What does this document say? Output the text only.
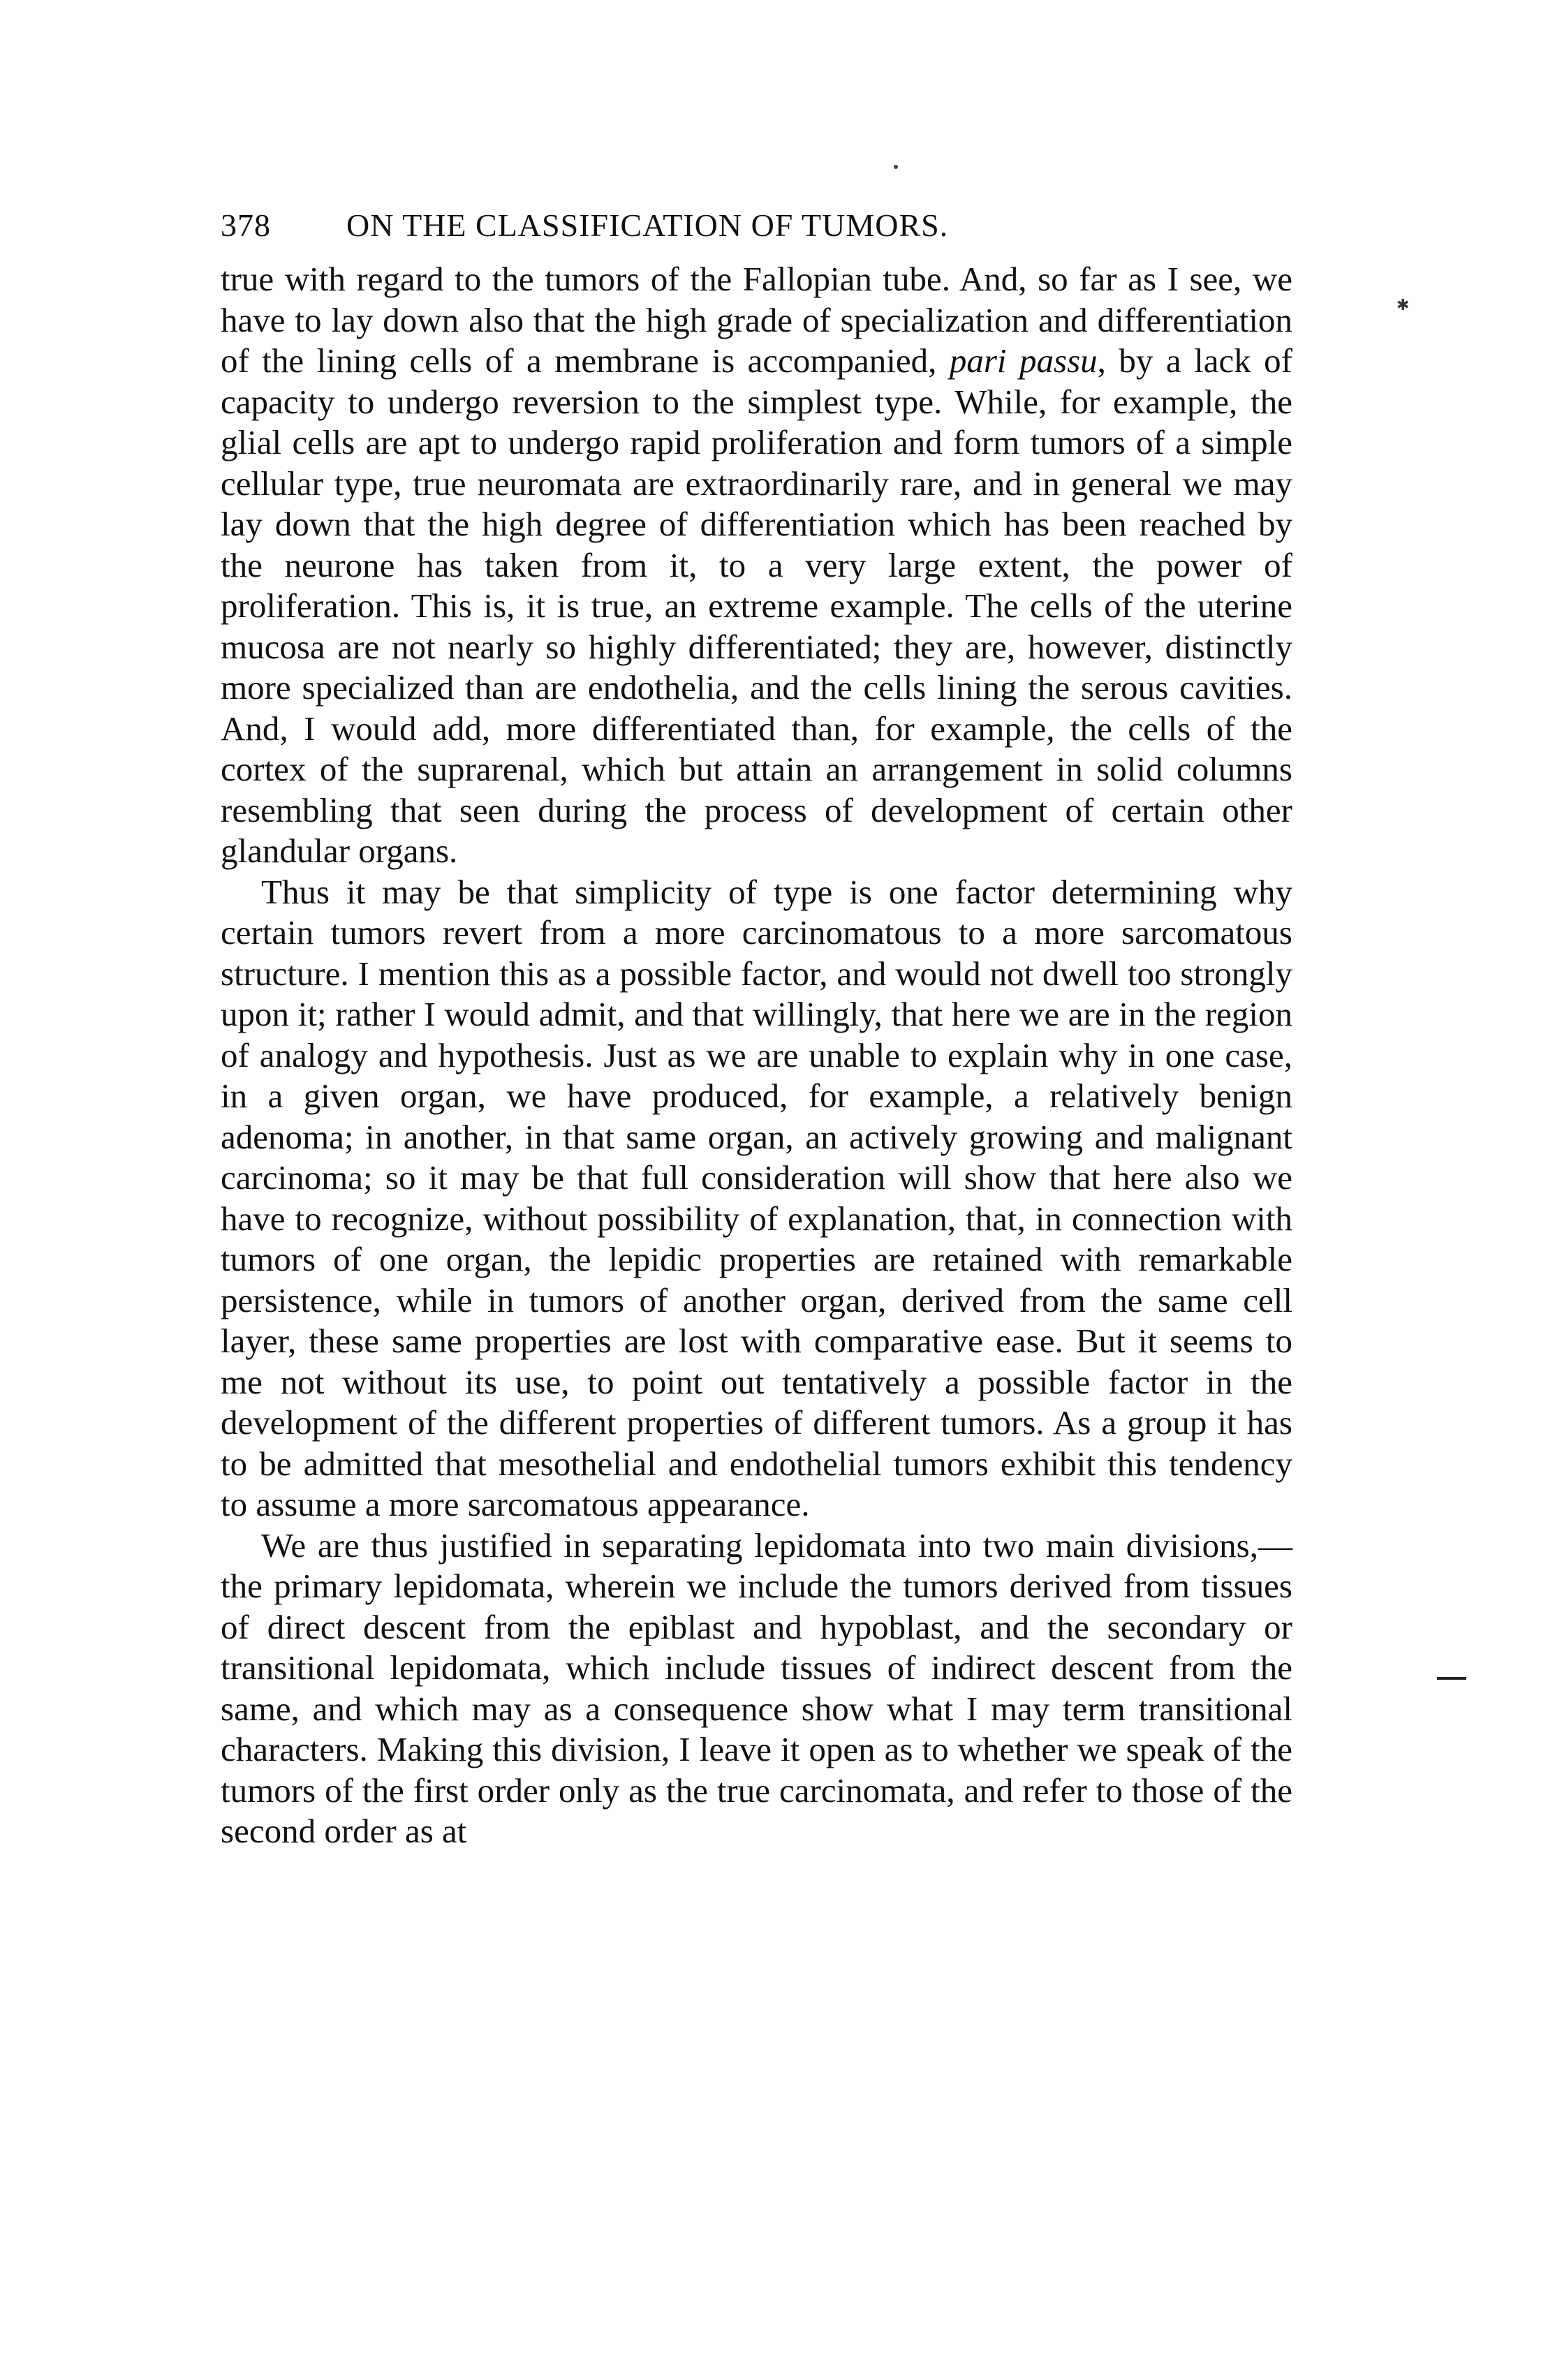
378 ON THE CLASSIFICATION OF TUMORS.
✱

true with regard to the tumors of the Fallopian tube. And, so far as I see, we have to lay down also that the high grade of specialization and differentiation of the lining cells of a membrane is accompanied, pari passu, by a lack of capacity to undergo reversion to the simplest type. While, for example, the glial cells are apt to undergo rapid proliferation and form tumors of a simple cellular type, true neuromata are extraordinarily rare, and in general we may lay down that the high degree of differentiation which has been reached by the neurone has taken from it, to a very large extent, the power of proliferation. This is, it is true, an extreme example. The cells of the uterine mucosa are not nearly so highly differentiated; they are, however, distinctly more specialized than are endothelia, and the cells lining the serous cavities. And, I would add, more differentiated than, for example, the cells of the cortex of the suprarenal, which but attain an arrangement in solid columns resembling that seen during the process of development of certain other glandular organs.

Thus it may be that simplicity of type is one factor determining why certain tumors revert from a more carcinomatous to a more sarcomatous structure. I mention this as a possible factor, and would not dwell too strongly upon it; rather I would admit, and that willingly, that here we are in the region of analogy and hypothesis. Just as we are unable to explain why in one case, in a given organ, we have produced, for example, a relatively benign adenoma; in another, in that same organ, an actively growing and malignant carcinoma; so it may be that full consideration will show that here also we have to recognize, without possibility of explanation, that, in connection with tumors of one organ, the lepidic properties are retained with remarkable persistence, while in tumors of another organ, derived from the same cell layer, these same properties are lost with comparative ease. But it seems to me not without its use, to point out tentatively a possible factor in the development of the different properties of different tumors. As a group it has to be admitted that mesothelial and endothelial tumors exhibit this tendency to assume a more sarcomatous appearance.

We are thus justified in separating lepidomata into two main divisions,—the primary lepidomata, wherein we include the tumors derived from tissues of direct descent from the epiblast and hypoblast, and the secondary or transitional lepidomata, which include tissues of indirect descent from the same, and which may as a consequence show what I may term transitional characters. Making this division, I leave it open as to whether we speak of the tumors of the first order only as the true carcinomata, and refer to those of the second order as at
